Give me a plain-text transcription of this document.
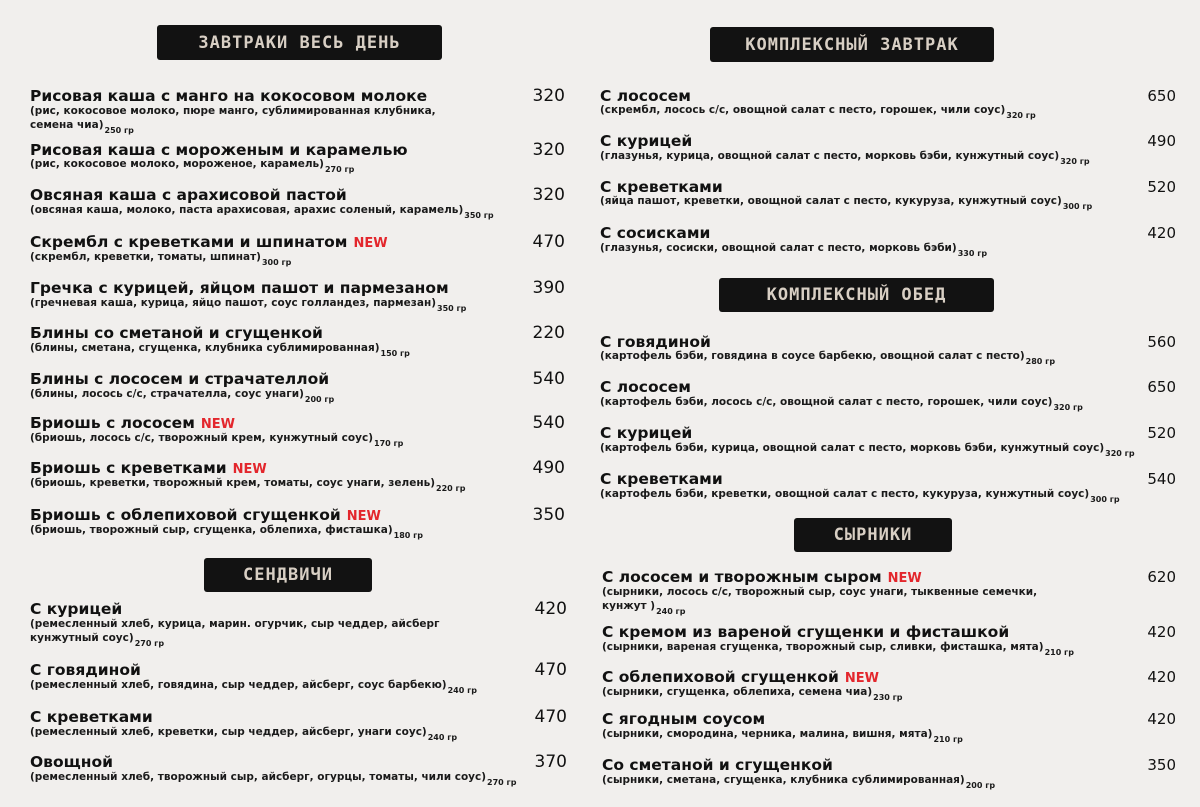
ЗАВТРАКИ ВЕСЬ ДЕНЬ
Рисовая каша с манго на кокосовом молоке
(рис, кокосовое молоко, пюре манго, сублимированная клубника,
семена $чиа)_{250 гр}$
320
Рисовая каша с мороженым и карамелью
(рис, кокосовое молоко, мороженое, $карамель)_{270 гр}$
320
Овсяная каша с арахисовой пастой
(овсяная каша, молоко, паста арахисовая, арахис соленый, $карамель)_{350 гр}$
320
Скрембл с креветками и шпинатом NEW
(скрембл, креветки, томаты, $шпинат)_{300 гр}$
470
Гречка с курицей, яйцом пашот и пармезаном
(гречневая каша, курица, яйцо пашот, соус голландез, $пармезан)_{350 гр}$
390
Блины со сметаной и сгущенкой
(блины, сметана, сгущенка, клубника $сублимированная)_{150 гр}$
220
Блины с лососем и страчателлой
(блины, лосось с/с, страчателла, соус $унаги)_{200 гр}$
540
Бриошь с лососем NEW
(бриошь, лосось с/с, творожный крем, кунжутный $соус)_{170 гр}$
540
Бриошь с креветками NEW
(бриошь, креветки, творожный крем, томаты, соус унаги, $зелень)_{220 гр}$
490
Бриошь с облепиховой сгущенкой NEW
(бриошь, творожный сыр, сгущенка, облепиха, $фисташка)_{180 гр}$
350
СЕНДВИЧИ
С курицей
(ремесленный хлеб, курица, марин. огурчик, сыр чеддер, айсберг
кунжутный $соус)_{270 гр}$
420
С говядиной
(ремесленный хлеб, говядина, сыр чеддер, айсберг, соус $барбекю)_{240 гр}$
470
С креветками
(ремесленный хлеб, креветки, сыр чеддер, айсберг, унаги $соус)_{240 гр}$
470
Овощной
(ремесленный хлеб, творожный сыр, айсберг, огурцы, томаты, чили $соус)_{270 гр}$
370
КОМПЛЕКСНЫЙ ЗАВТРАК
С лососем
(скрембл, лосось с/с, овощной салат с песто, горошек, чили $соус)_{320 гр}$
650
С курицей
(глазунья, курица, овощной салат с песто, морковь бэби, кунжутный $соус)_{320 гр}$
490
С креветками
(яйца пашот, креветки, овощной салат с песто, кукуруза, кунжутный $соус)_{300 гр}$
520
С сосисками
(глазунья, сосиски, овощной салат с песто, морковь $бэби)_{330 гр}$
420
КОМПЛЕКСНЫЙ ОБЕД
С говядиной
(картофель бэби, говядина в соусе барбекю, овощной салат с $песто)_{280 гр}$
560
С лососем
(картофель бэби, лосось с/с, овощной салат с песто, горошек, чили $соус)_{320 гр}$
650
С курицей
(картофель бэби, курица, овощной салат с песто, морковь бэби, кунжутный $соус)_{320 гр}$
520
С креветками
(картофель бэби, креветки, овощной салат с песто, кукуруза, кунжутный $соус)_{300 гр}$
540
СЫРНИКИ
С лососем и творожным сыром NEW
(сырники, лосось с/с, творожный сыр, соус унаги, тыквенные семечки,
кунжут )$_{240 гр}$
620
С кремом из вареной сгущенки и фисташкой
(сырники, вареная сгущенка, творожный сыр, сливки, фисташка, $мята)_{210 гр}$
420
С облепиховой сгущенкой NEW
(сырники, сгущенка, облепиха, семена $чиа)_{230 гр}$
420
С ягодным соусом
(сырники, смородина, черника, малина, вишня, $мята)_{210 гр}$
420
Со сметаной и сгущенкой
(сырники, сметана, сгущенка, клубника $сублимированная)_{200 гр}$
350
